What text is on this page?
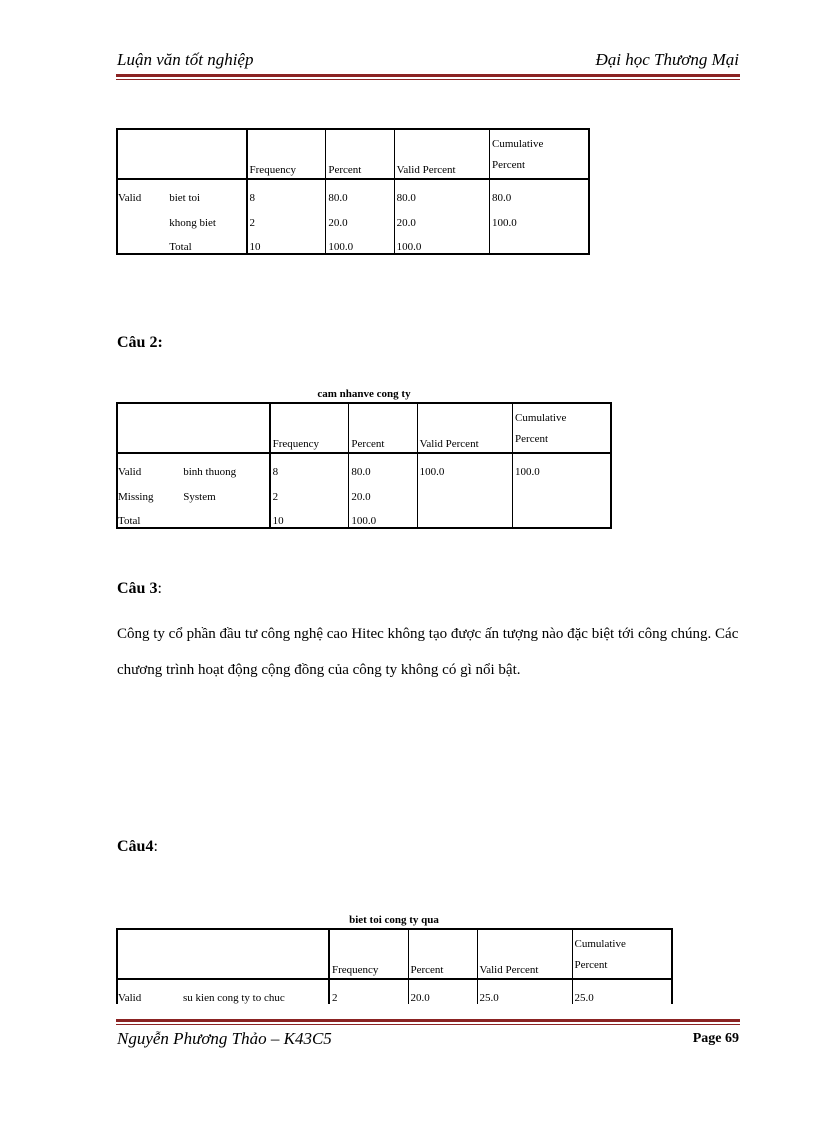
Luận văn tốt nghiệp	Đại học Thương Mại
		Frequency	Percent	Valid Percent	Cumulative Percent
Valid	biet toi	8	80.0	80.0	80.0
	khong biet	2	20.0	20.0	100.0
	Total	10	100.0	100.0	
Câu 2:
cam nhanve cong ty
		Frequency	Percent	Valid Percent	Cumulative Percent
Valid	binh thuong	8	80.0	100.0	100.0
Missing	System	2	20.0		
Total		10	100.0		
Câu 3:
Công ty cổ phần đầu tư công nghệ cao Hitec không tạo được ấn tượng nào đặc biệt tới công chúng. Các chương trình hoạt động cộng đồng của công ty không có gì nổi bật.
Câu4:
biet toi cong ty qua
		Frequency	Percent	Valid Percent	Cumulative Percent
Valid	su kien cong ty to chuc	2	20.0	25.0	25.0

Nguyễn Phương Thảo – K43C5	Page 69
